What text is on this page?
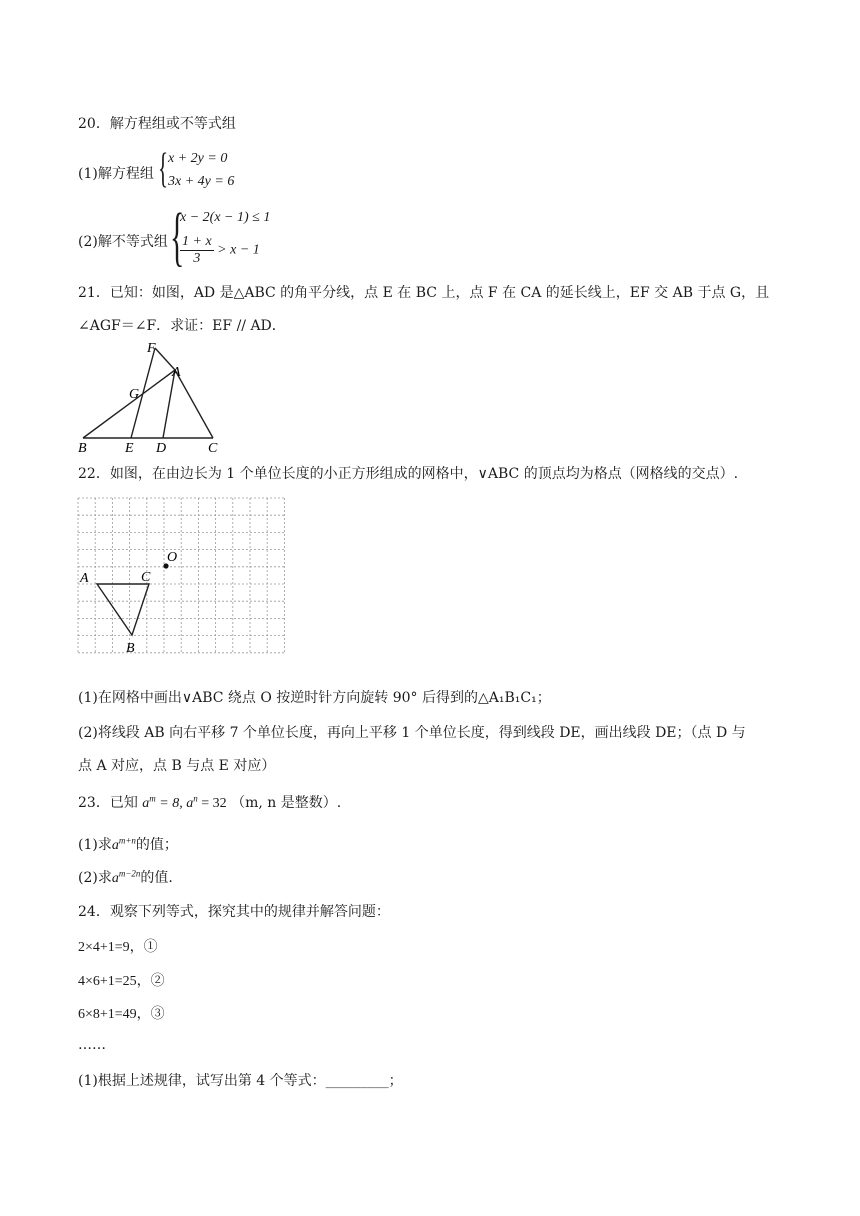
20．解方程组或不等式组
(1)解方程组 { x + 2y = 0
3x + 4y = 6
(2)解不等式组 {
x − 2(x − 1) ≤ 1
$\frac{1 + x}{3} > x - 1$
21．已知：如图，AD 是△ABC 的角平分线，点 E 在 BC 上，点 F 在 CA 的延长线上，EF 交 AB 于点 G，且
∠AGF＝∠F．求证：EF // AD．
F
A
G
B	E D	C
22．如图，在由边长为 1 个单位长度的小正方形组成的网格中，∨ABC 的顶点均为格点（网格线的交点）.
A	C
B
O
(1)在网格中画出∨ABC 绕点 O 按逆时针方向旋转 90° 后得到的△A₁B₁C₁；
(2)将线段 AB 向右平移 7 个单位长度，再向上平移 1 个单位长度，得到线段 DE，画出线段 DE；（点 D 与
点 A 对应，点 B 与点 E 对应）
23．已知 $a^m = 8$, $a^n = 32$ （m, n 是整数）.
(1)求$a^{m+n}$的值；
(2)求$a^{m-2n}$的值.
24．观察下列等式，探究其中的规律并解答问题：
2×4+1=9，①
4×6+1=25，②
6×8+1=49，③
……
(1)根据上述规律，试写出第 4 个等式：_________；
